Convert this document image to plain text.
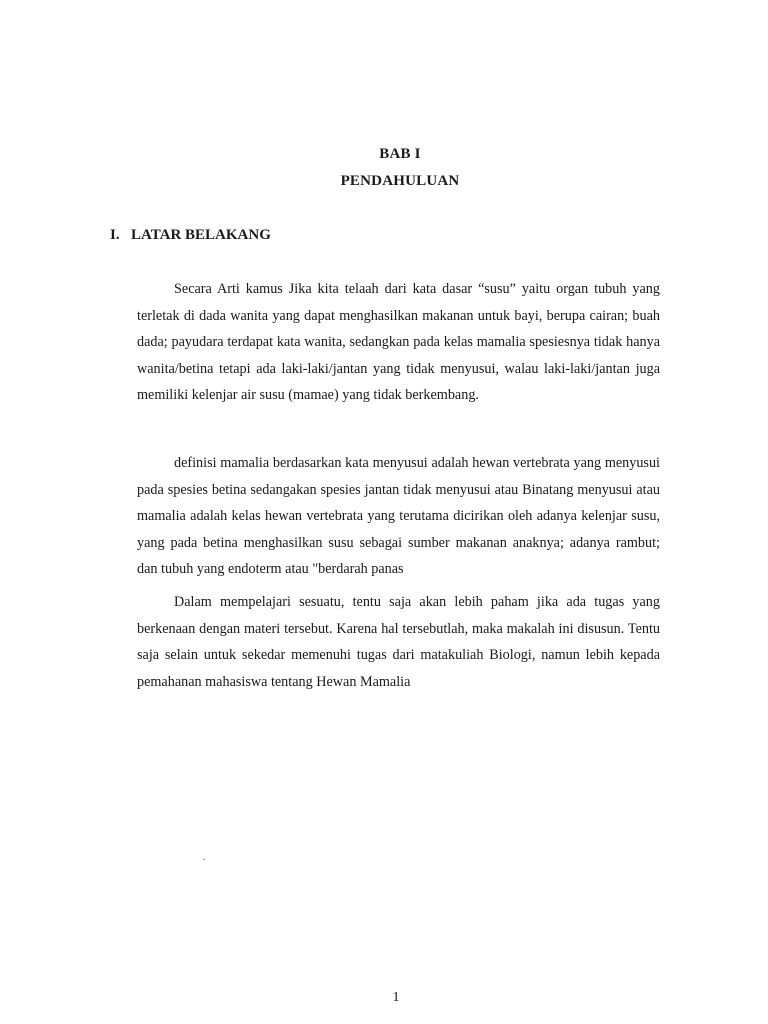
BAB I
PENDAHULUAN
I. LATAR BELAKANG

Secara Arti kamus Jika kita telaah dari kata dasar “susu” yaitu organ tubuh yang terletak di dada wanita yang dapat menghasilkan makanan untuk bayi, berupa cairan; buah dada; payudara terdapat kata wanita, sedangkan pada kelas mamalia spesiesnya tidak hanya wanita/betina tetapi ada laki-laki/jantan yang tidak menyusui, walau laki-laki/jantan juga memiliki kelenjar air susu (mamae) yang tidak berkembang.

definisi mamalia berdasarkan kata menyusui adalah hewan vertebrata yang menyusui pada spesies betina sedangakan spesies jantan tidak menyusui atau Binatang menyusui atau mamalia adalah kelas hewan vertebrata yang terutama dicirikan oleh adanya kelenjar susu, yang pada betina menghasilkan susu sebagai sumber makanan anaknya; adanya rambut; dan tubuh yang endoterm atau "berdarah panas

Dalam mempelajari sesuatu, tentu saja akan lebih paham jika ada tugas yang berkenaan dengan materi tersebut. Karena hal tersebutlah, maka makalah ini disusun. Tentu saja selain untuk sekedar memenuhi tugas dari matakuliah Biologi, namun lebih kepada pemahanan mahasiswa tentang Hewan Mamalia

.
1
